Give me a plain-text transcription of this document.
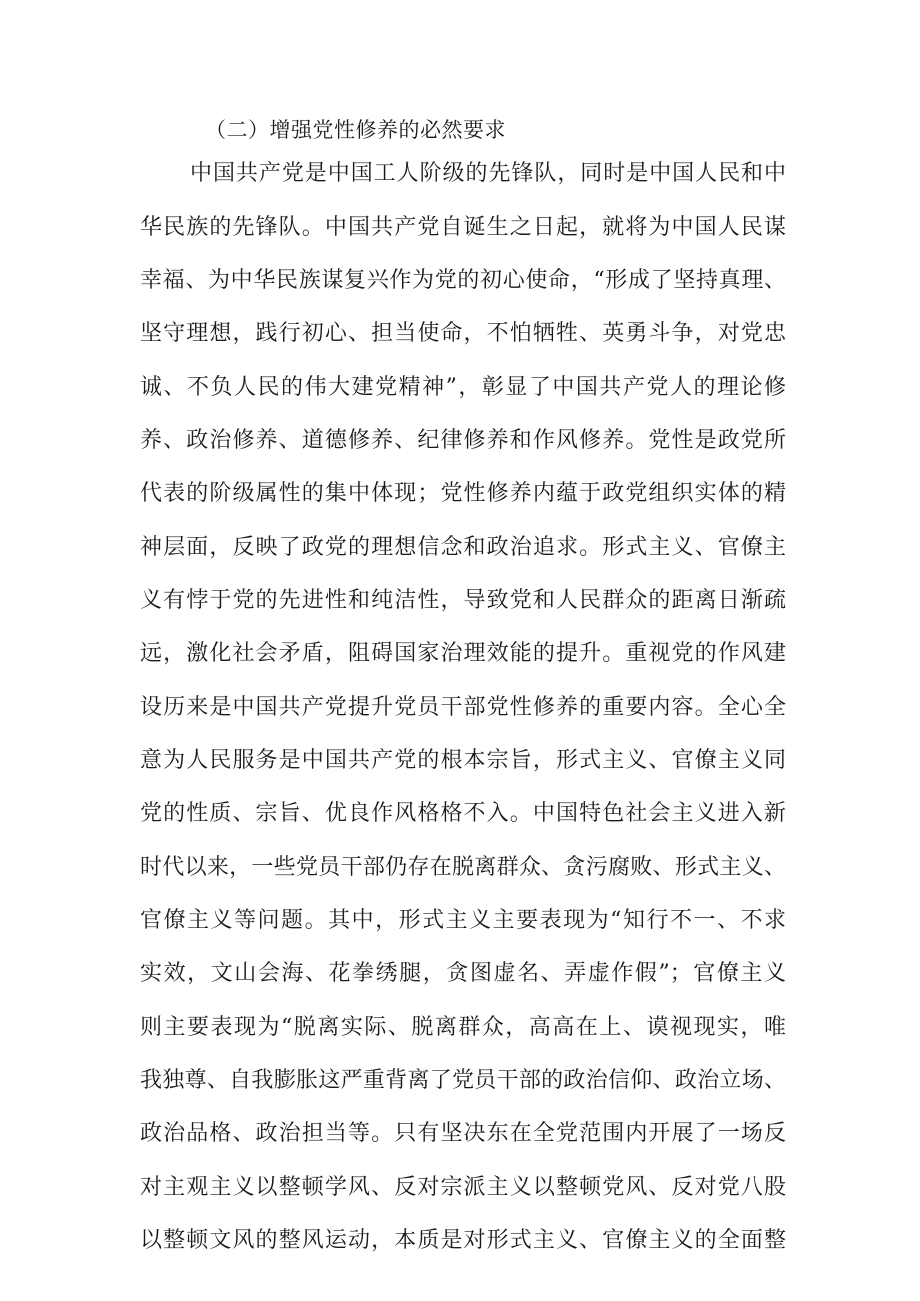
（二）增强党性修养的必然要求
中国共产党是中国工人阶级的先锋队，同时是中国人民和中
华民族的先锋队。中国共产党自诞生之日起，就将为中国人民谋
幸福、为中华民族谋复兴作为党的初心使命，“形成了坚持真理、
坚守理想，践行初心、担当使命，不怕牺牲、英勇斗争，对党忠
诚、不负人民的伟大建党精神”，彰显了中国共产党人的理论修
养、政治修养、道德修养、纪律修养和作风修养。党性是政党所
代表的阶级属性的集中体现；党性修养内蕴于政党组织实体的精
神层面，反映了政党的理想信念和政治追求。形式主义、官僚主
义有悖于党的先进性和纯洁性，导致党和人民群众的距离日渐疏
远，激化社会矛盾，阻碍国家治理效能的提升。重视党的作风建
设历来是中国共产党提升党员干部党性修养的重要内容。全心全
意为人民服务是中国共产党的根本宗旨，形式主义、官僚主义同
党的性质、宗旨、优良作风格格不入。中国特色社会主义进入新
时代以来，一些党员干部仍存在脱离群众、贪污腐败、形式主义、
官僚主义等问题。其中，形式主义主要表现为“知行不一、不求
实效，文山会海、花拳绣腿，贪图虚名、弄虚作假”；官僚主义
则主要表现为“脱离实际、脱离群众，高高在上、谟视现实，唯
我独尊、自我膨胀这严重背离了党员干部的政治信仰、政治立场、
政治品格、政治担当等。只有坚决东在全党范围内开展了一场反
对主观主义以整顿学风、反对宗派主义以整顿党风、反对党八股
以整顿文风的整风运动，本质是对形式主义、官僚主义的全面整
